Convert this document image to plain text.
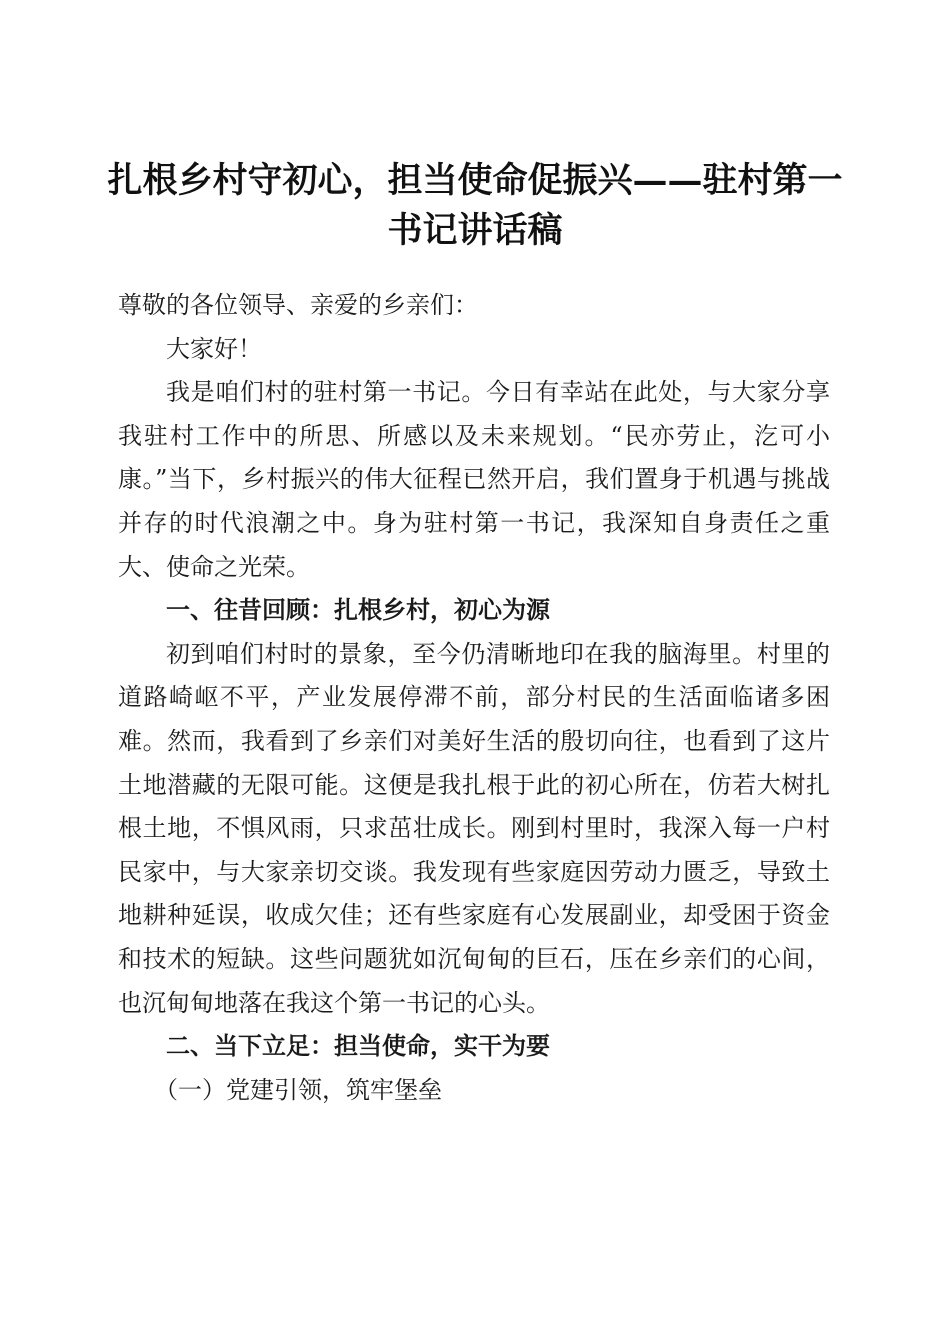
扎根乡村守初心，担当使命促振兴——驻村第一书记讲话稿

尊敬的各位领导、亲爱的乡亲们：

大家好！

我是咱们村的驻村第一书记。今日有幸站在此处，与大家分享我驻村工作中的所思、所感以及未来规划。“民亦劳止，汔可小康。”当下，乡村振兴的伟大征程已然开启，我们置身于机遇与挑战并存的时代浪潮之中。身为驻村第一书记，我深知自身责任之重大、使命之光荣。

一、往昔回顾：扎根乡村，初心为源

初到咱们村时的景象，至今仍清晰地印在我的脑海里。村里的道路崎岖不平，产业发展停滞不前，部分村民的生活面临诸多困难。然而，我看到了乡亲们对美好生活的殷切向往，也看到了这片土地潜藏的无限可能。这便是我扎根于此的初心所在，仿若大树扎根土地，不惧风雨，只求茁壮成长。刚到村里时，我深入每一户村民家中，与大家亲切交谈。我发现有些家庭因劳动力匮乏，导致土地耕种延误，收成欠佳；还有些家庭有心发展副业，却受困于资金和技术的短缺。这些问题犹如沉甸甸的巨石，压在乡亲们的心间，也沉甸甸地落在我这个第一书记的心头。

二、当下立足：担当使命，实干为要

（一）党建引领，筑牢堡垒
